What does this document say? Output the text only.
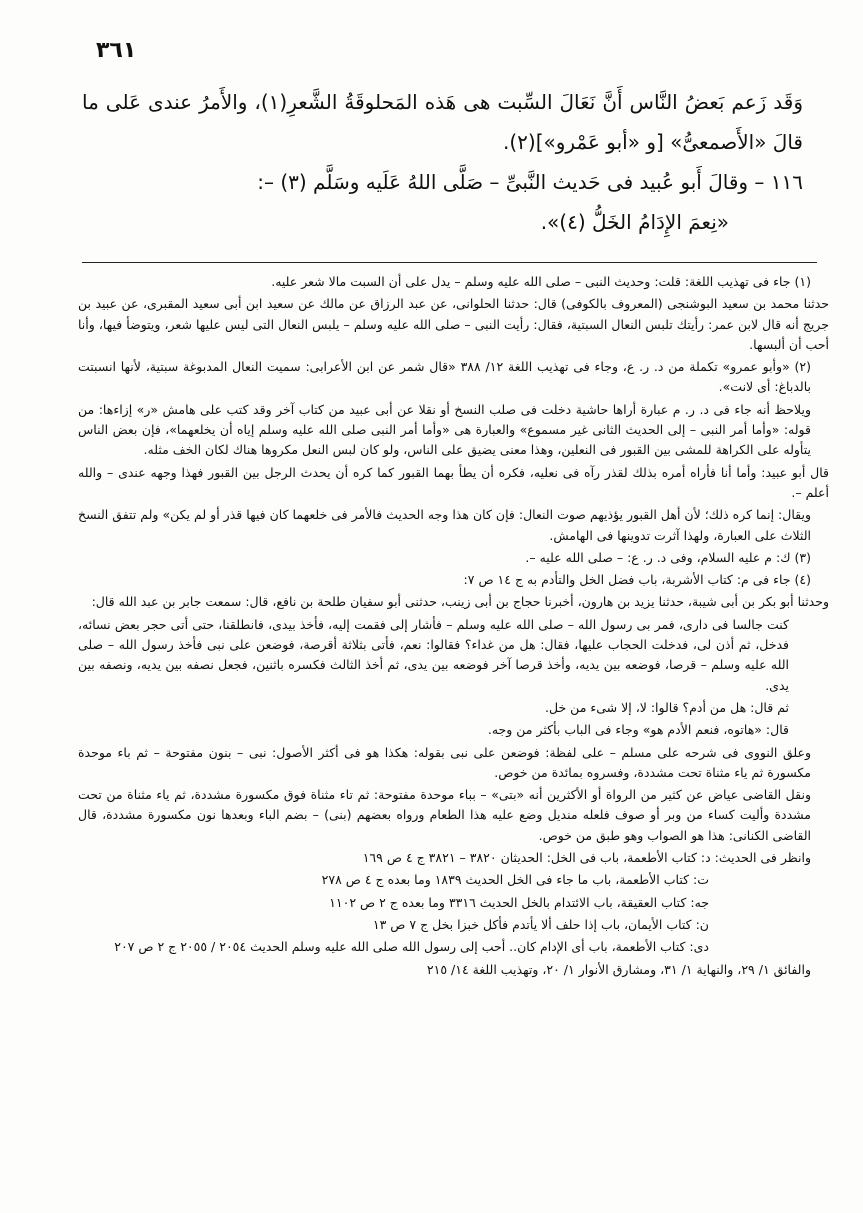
٣٦١

وَقَد زَعم بَعضُ النَّاس أَنَّ نَعَالَ السِّبت هى هَذه المَحلوقَةُ الشَّعرِ(١)، والأَمرُ عندى عَلى ما قالَ «الأَصمعىُّ» [و «أبو عَمْرو»](٢).

١١٦ – وقالَ أَبو عُبيد فى حَديث النَّبىِّ – صَلَّى اللهُ عَلَيه وسَلَّم (٣) –:

«نِعمَ الإِدَامُ الخَلُّ (٤)».

(١) جاء فى تهذيب اللغة: قلت: وحديث النبى – صلى الله عليه وسلم – يدل على أن السبت مالا شعر عليه.

حدثنا محمد بن سعيد البوشنجى (المعروف بالكوفى) قال: حدثنا الحلوانى، عن عبد الرزاق عن مالك عن سعيد ابن أبى سعيد المقبرى، عن عبيد بن جريج أنه قال لابن عمر: رأيتك تلبس النعال السبتية، فقال: رأيت النبى – صلى الله عليه وسلم – يلبس النعال التى ليس عليها شعر، ويتوضأ فيها، وأنا أحب أن ألبسها.

(٢) «وأبو عمرو» تكملة من د. ر. ع، وجاء فى تهذيب اللغة ١٢/ ٣٨٨ «قال شمر عن ابن الأعرابى: سميت النعال المدبوغة سبتية، لأنها انسبتت بالدباغ: أى لانت».

ويلاحظ أنه جاء فى د. ر. م عبارة أراها حاشية دخلت فى صلب النسخ أو نقلا عن أبى عبيد من كتاب آخر وقد كتب على هامش «ر» إزاءها: من قوله: «وأما أمر النبى – إلى الحديث الثانى غير مسموع» والعبارة هى «وأما أمر النبى صلى الله عليه وسلم إياه أن يخلعهما»، فإن بعض الناس يتأوله على الكراهة للمشى بين القبور فى النعلين، وهذا معنى يضيق على الناس، ولو كان لبس النعل مكروها هناك لكان الخف مثله.

قال أبو عبيد: وأما أنا فأراه أمره بذلك لقذر رآه فى نعليه، فكره أن يطأ بهما القبور كما كره أن يحدث الرجل بين القبور فهذا وجهه عندى – والله أعلم –.

ويقال: إنما كره ذلك؛ لأن أهل القبور يؤذيهم صوت النعال: فإن كان هذا وجه الحديث فالأمر فى خلعهما كان فيها قذر أو لم يكن» ولم تتفق النسخ الثلاث على العبارة، ولهذا آثرت تدوينها فى الهامش.

(٣) ك: م عليه السلام، وفى د. ر. ع: – صلى الله عليه –.

(٤) جاء فى م: كتاب الأشربة، باب فضل الخل والتأدم به ج ١٤ ص ٧:

وحدثنا أبو بكر بن أبى شيبة، حدثنا يزيد بن هارون، أخبرنا حجاج بن أبى زينب، حدثنى أبو سفيان طلحة بن نافع، قال: سمعت جابر بن عبد الله قال:

كنت جالسا فى دارى، فمر بى رسول الله – صلى الله عليه وسلم – فأشار إلى فقمت إليه، فأخذ بيدى، فانطلقنا، حتى أتى حجر بعض نسائه، فدخل، ثم أذن لى، فدخلت الحجاب عليها، فقال: هل من غداء؟ فقالوا: نعم، فأتى بثلاثة أقرصة، فوضعن على نبى فأخذ رسول الله – صلى الله عليه وسلم – قرصا، فوضعه بين يديه، وأخذ قرصا آخر فوضعه بين يدى، ثم أخذ الثالث فكسره باثنين، فجعل نصفه بين يديه، ونصفه بين يدى.

ثم قال: هل من أدم؟ قالوا: لا، إلا شىء من خل.

قال: «هاتوه، فنعم الأدم هو» وجاء فى الباب بأكثر من وجه.

وعلق النووى فى شرحه على مسلم – على لفظة: فوضعن على نبى بقوله: هكذا هو فى أكثر الأصول: نبى – بنون مفتوحة – ثم باء موحدة مكسورة ثم ياء مثناة تحت مشددة، وفسروه بمائدة من خوص.

ونقل القاضى عياض عن كثير من الرواة أو الأكثرين أنه «بتى» – بباء موحدة مفتوحة: ثم تاء مثناة فوق مكسورة مشددة، ثم ياء مثناة من تحت مشددة وأليت كساء من وبر أو صوف فلعله منديل وضع عليه هذا الطعام ورواه بعضهم (بنى) – بضم الباء وبعدها نون مكسورة مشددة، قال القاضى الكنانى: هذا هو الصواب وهو طبق من خوص.

وانظر فى الحديث: د: كتاب الأطعمة، باب فى الخل: الحديثان ٣٨٢٠ – ٣٨٢١ ج ٤ ص ١٦٩

ت: كتاب الأطعمة، باب ما جاء فى الخل الحديث ١٨٣٩ وما بعده ج ٤ ص ٢٧٨

جه: كتاب العقيقة، باب الائتدام بالخل الحديث ٣٣١٦ وما بعده ج ٢ ص ١١٠٢

ن: كتاب الأيمان، باب إذا حلف ألا يأتدم فأكل خبزا بخل ج ٧ ص ١٣

دى: كتاب الأطعمة، باب أى الإدام كان.. أحب إلى رسول الله صلى الله عليه وسلم الحديث ٢٠٥٤ / ٢٠٥٥ ج ٢ ص ٢٠٧

والفائق ١/ ٢٩، والنهاية ١/ ٣١، ومشارق الأنوار ١/ ٢٠، وتهذيب اللغة ١٤/ ٢١٥
